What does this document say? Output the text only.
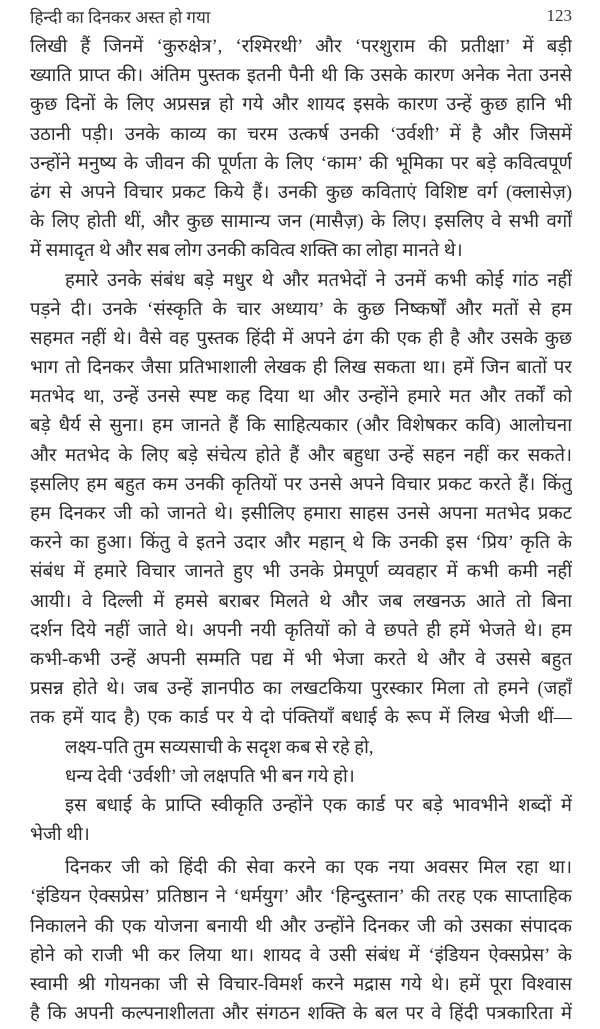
हिन्दी का दिनकर अस्त हो गया	123
लिखी हैं जिनमें ‘कुरुक्षेत्र’, ‘रश्मिरथी’ और ‘परशुराम की प्रतीक्षा’ में बड़ी
ख्याति प्राप्त की। अंतिम पुस्तक इतनी पैनी थी कि उसके कारण अनेक नेता उनसे
कुछ दिनों के लिए अप्रसन्न हो गये और शायद इसके कारण उन्हें कुछ हानि भी
उठानी पड़ी। उनके काव्य का चरम उत्कर्ष उनकी ‘उर्वशी’ में है और जिसमें
उन्होंने मनुष्य के जीवन की पूर्णता के लिए ‘काम’ की भूमिका पर बड़े कवित्वपूर्ण
ढंग से अपने विचार प्रकट किये हैं। उनकी कुछ कविताएं विशिष्ट वर्ग (क्लासेज़)
के लिए होती थीं, और कुछ सामान्य जन (मासैज़) के लिए। इसलिए वे सभी वर्गों
में समादृत थे और सब लोग उनकी कवित्व शक्ति का लोहा मानते थे।
हमारे उनके संबंध बड़े मधुर थे और मतभेदों ने उनमें कभी कोई गांठ नहीं
पड़ने दी। उनके ‘संस्कृति के चार अध्याय’ के कुछ निष्कर्षों और मतों से हम
सहमत नहीं थे। वैसे वह पुस्तक हिंदी में अपने ढंग की एक ही है और उसके कुछ
भाग तो दिनकर जैसा प्रतिभाशाली लेखक ही लिख सकता था। हमें जिन बातों पर
मतभेद था, उन्हें उनसे स्पष्ट कह दिया था और उन्होंने हमारे मत और तर्कों को
बड़े धैर्य से सुना। हम जानते हैं कि साहित्यकार (और विशेषकर कवि) आलोचना
और मतभेद के लिए बड़े संचेत्य होते हैं और बहुधा उन्हें सहन नहीं कर सकते।
इसलिए हम बहुत कम उनकी कृतियों पर उनसे अपने विचार प्रकट करते हैं। किंतु
हम दिनकर जी को जानते थे। इसीलिए हमारा साहस उनसे अपना मतभेद प्रकट
करने का हुआ। किंतु वे इतने उदार और महान् थे कि उनकी इस ‘प्रिय’ कृति के
संबंध में हमारे विचार जानते हुए भी उनके प्रेमपूर्ण व्यवहार में कभी कमी नहीं
आयी। वे दिल्ली में हमसे बराबर मिलते थे और जब लखनऊ आते तो बिना
दर्शन दिये नहीं जाते थे। अपनी नयी कृतियों को वे छपते ही हमें भेजते थे। हम
कभी-कभी उन्हें अपनी सम्मति पद्य में भी भेजा करते थे और वे उससे बहुत
प्रसन्न होते थे। जब उन्हें ज्ञानपीठ का लखटकिया पुरस्कार मिला तो हमने (जहाँ
तक हमें याद है) एक कार्ड पर ये दो पंक्तियाँ बधाई के रूप में लिख भेजी थीं—
लक्ष्य-पति तुम सव्यसाची के सदृश कब से रहे हो,
धन्य देवी ‘उर्वशी’ जो लक्षपति भी बन गये हो।
इस बधाई के प्राप्ति स्वीकृति उन्होंने एक कार्ड पर बड़े भावभीने शब्दों में
भेजी थी।
दिनकर जी को हिंदी की सेवा करने का एक नया अवसर मिल रहा था।
‘इंडियन ऐक्सप्रेस’ प्रतिष्ठान ने ‘धर्मयुग’ और ‘हिन्दुस्तान’ की तरह एक साप्ताहिक
निकालने की एक योजना बनायी थी और उन्होंने दिनकर जी को उसका संपादक
होने को राजी भी कर लिया था। शायद वे उसी संबंध में ‘इंडियन ऐक्सप्रेस’ के
स्वामी श्री गोयनका जी से विचार-विमर्श करने मद्रास गये थे। हमें पूरा विश्वास
है कि अपनी कल्पनाशीलता और संगठन शक्ति के बल पर वे हिंदी पत्रकारिता में
